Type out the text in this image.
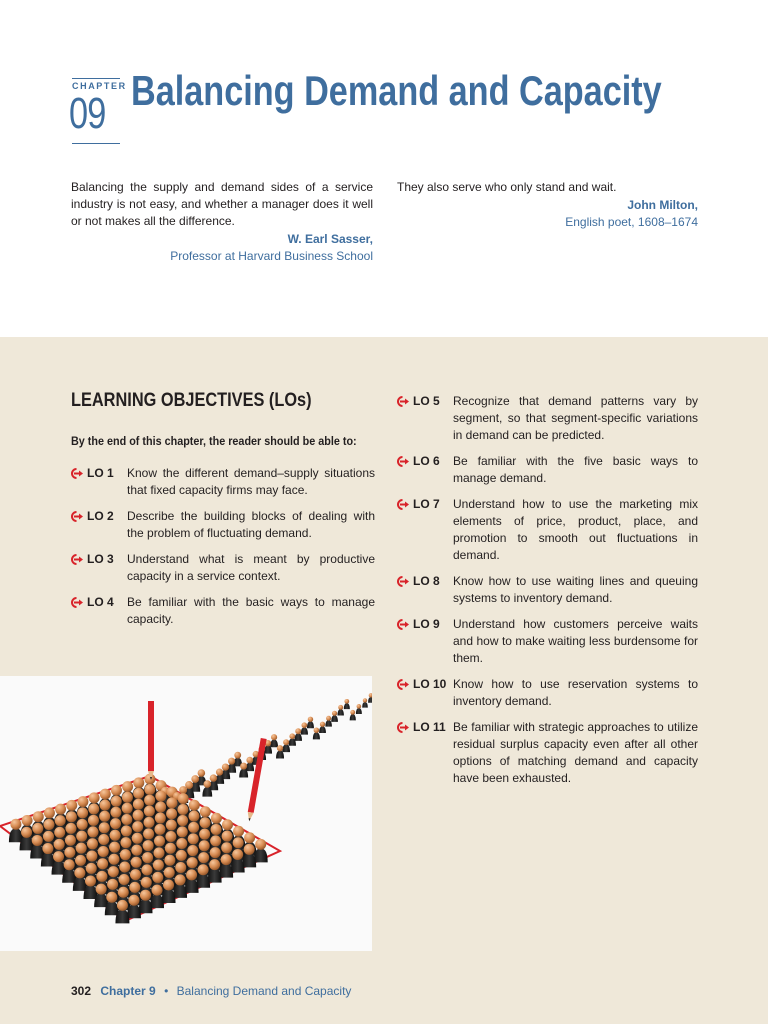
CHAPTER
09 Balancing Demand and Capacity
Balancing the supply and demand sides of a service industry is not easy, and whether a manager does it well or not makes all the difference.
W. Earl Sasser,
Professor at Harvard Business School
They also serve who only stand and wait.
John Milton,
English poet, 1608–1674
LEARNING OBJECTIVES (LOs)
By the end of this chapter, the reader should be able to:
LO 1	Know the different demand–supply situations that fixed capacity firms may face.
LO 2	Describe the building blocks of dealing with the problem of fluctuating demand.
LO 3	Understand what is meant by productive capacity in a service context.
LO 4	Be familiar with the basic ways to manage capacity.
LO 5	Recognize that demand patterns vary by segment, so that segment-specific variations in demand can be predicted.
LO 6	Be familiar with the five basic ways to manage demand.
LO 7	Understand how to use the marketing mix elements of price, product, place, and promotion to smooth out fluctuations in demand.
LO 8	Know how to use waiting lines and queuing systems to inventory demand.
LO 9	Understand how customers perceive waits and how to make waiting less burdensome for them.
LO 10 Know how to use reservation systems to inventory demand.
LO 11 Be familiar with strategic approaches to utilize residual surplus capacity even after all other options of matching demand and capacity have been exhausted.
302 Chapter 9 • Balancing Demand and Capacity
